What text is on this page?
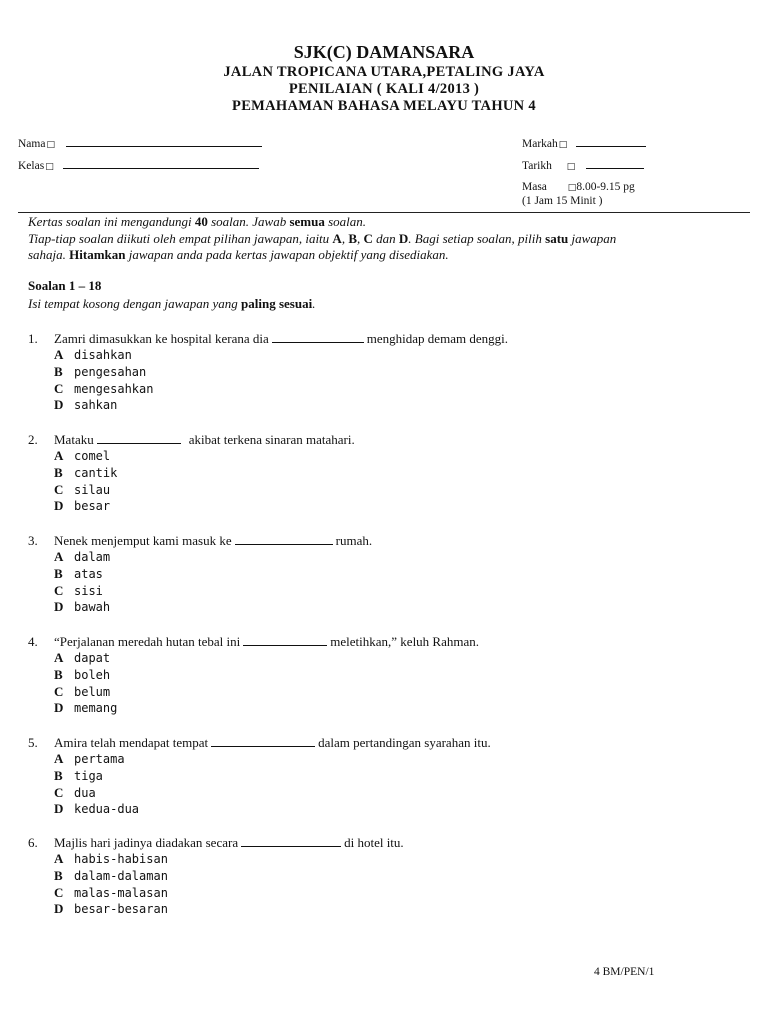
SJK(C) DAMANSARA

JALAN TROPICANA UTARA,PETALING JAYA

PENILAIAN ( KALI 4/2013 )

PEMAHAMAN BAHASA MELAYU TAHUN 4

Nama□
Kelas□
Markah□
Tarikh □
Masa □8.00-9.15 pg
(1 Jam 15 Minit )

Kertas soalan ini mengandungi 40 soalan. Jawab semua soalan.

Tiap-tiap soalan diikuti oleh empat pilihan jawapan, iaitu A, B, C dan D. Bagi setiap soalan, pilih satu jawapan

sahaja. Hitamkan jawapan anda pada kertas jawapan objektif yang disediakan.

Soalan 1 – 18

Isi tempat kosong dengan jawapan yang paling sesuai.

1. Zamri dimasukkan ke hospital kerana dia	menghidap demam denggi.
A disahkan
B pengesahan
C mengesahkan
D sahkan
2. Mataku	akibat terkena sinaran matahari.
A comel
B cantik
C silau
D besar
3. Nenek menjemput kami masuk ke	rumah.
A dalam
B atas
C sisi
D bawah
4. “Perjalanan meredah hutan tebal ini	meletihkan,” keluh Rahman.
A dapat
B boleh
C belum
D memang
5. Amira telah mendapat tempat	dalam pertandingan syarahan itu.
A pertama
B tiga
C dua
D kedua-dua
6. Majlis hari jadinya diadakan secara	di hotel itu.
A habis-habisan
B dalam-dalaman
C malas-malasan
D besar-besaran

4 BM/PEN/1
